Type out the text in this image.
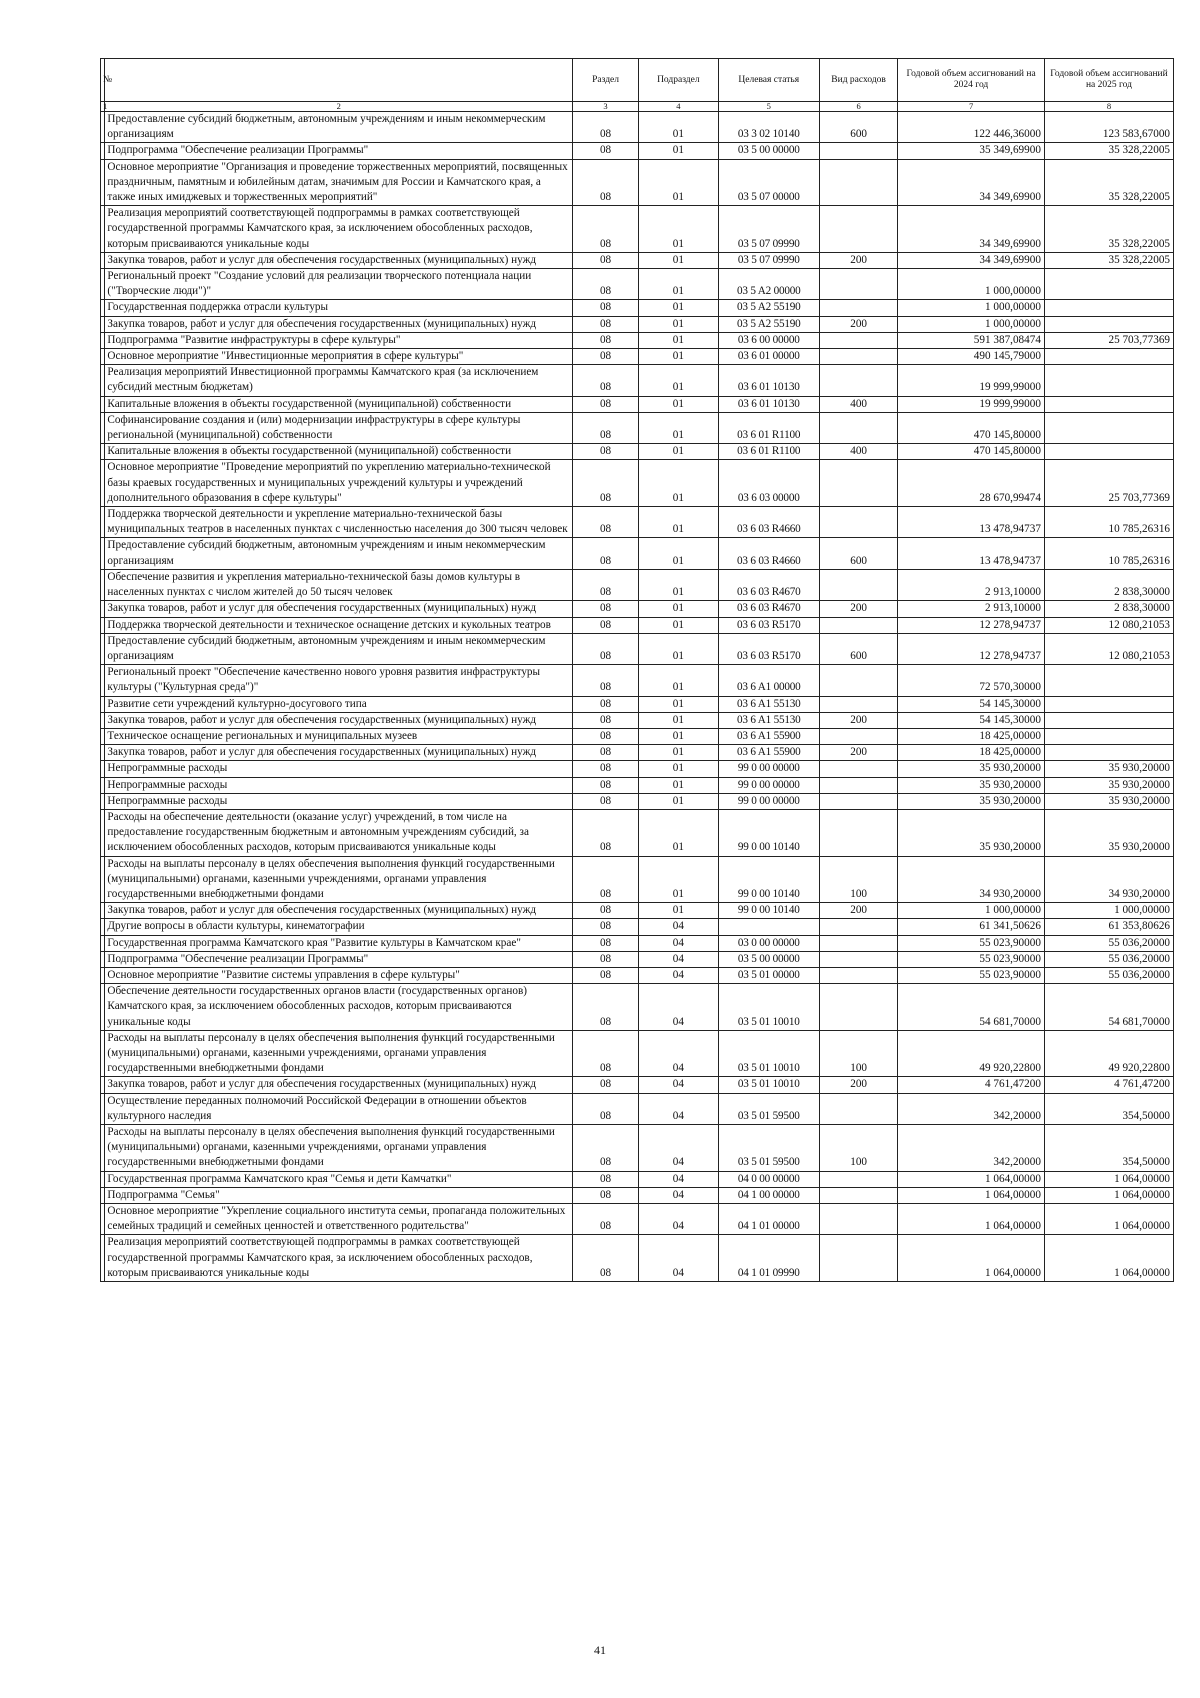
№		Раздел	Подраздел	Целевая статья	Вид расходов	Годовой объем ассигнований на 2024 год	Годовой объем ассигнований на 2025 год
1	2	3	4	5	6	7	8
	Предоставление субсидий бюджетным, автономным учреждениям и иным некоммерческим организациям	08	01	03 3 02 10140	600	122 446,36000	123 583,67000
	Подпрограмма "Обеспечение реализации Программы"	08	01	03 5 00 00000		35 349,69900	35 328,22005
	Основное мероприятие "Организация и проведение торжественных мероприятий, посвященных праздничным, памятным и юбилейным датам, значимым для России и Камчатского края, а также иных имиджевых и торжественных мероприятий"	08	01	03 5 07 00000		34 349,69900	35 328,22005
	Реализация мероприятий соответствующей подпрограммы в рамках соответствующей государственной программы Камчатского края, за исключением обособленных расходов, которым присваиваются уникальные коды	08	01	03 5 07 09990		34 349,69900	35 328,22005
	Закупка товаров, работ и услуг для обеспечения государственных (муниципальных) нужд	08	01	03 5 07 09990	200	34 349,69900	35 328,22005
	Региональный проект "Создание условий для реализации творческого потенциала нации ("Творческие люди")"	08	01	03 5 A2 00000		1 000,00000	
	Государственная поддержка отрасли культуры	08	01	03 5 A2 55190		1 000,00000	
	Закупка товаров, работ и услуг для обеспечения государственных (муниципальных) нужд	08	01	03 5 A2 55190	200	1 000,00000	
	Подпрограмма "Развитие инфраструктуры в сфере культуры"	08	01	03 6 00 00000		591 387,08474	25 703,77369
	Основное мероприятие "Инвестиционные мероприятия в сфере культуры"	08	01	03 6 01 00000		490 145,79000	
	Реализация мероприятий Инвестиционной программы Камчатского края (за исключением субсидий местным бюджетам)	08	01	03 6 01 10130		19 999,99000	
	Капитальные вложения в объекты государственной (муниципальной) собственности	08	01	03 6 01 10130	400	19 999,99000	
	Софинансирование создания и (или) модернизации инфраструктуры в сфере культуры региональной (муниципальной) собственности	08	01	03 6 01 R1100		470 145,80000	
	Капитальные вложения в объекты государственной (муниципальной) собственности	08	01	03 6 01 R1100	400	470 145,80000	
	Основное мероприятие "Проведение мероприятий по укреплению материально-технической базы краевых государственных и муниципальных учреждений культуры и учреждений дополнительного образования в сфере культуры"	08	01	03 6 03 00000		28 670,99474	25 703,77369
	Поддержка творческой деятельности и укрепление материально-технической базы муниципальных театров в населенных пунктах с численностью населения до 300 тысяч человек	08	01	03 6 03 R4660		13 478,94737	10 785,26316
	Предоставление субсидий бюджетным, автономным учреждениям и иным некоммерческим организациям	08	01	03 6 03 R4660	600	13 478,94737	10 785,26316
	Обеспечение развития и укрепления материально-технической базы домов культуры в населенных пунктах с числом жителей до 50 тысяч человек	08	01	03 6 03 R4670		2 913,10000	2 838,30000
	Закупка товаров, работ и услуг для обеспечения государственных (муниципальных) нужд	08	01	03 6 03 R4670	200	2 913,10000	2 838,30000
	Поддержка творческой деятельности и техническое оснащение детских и кукольных театров	08	01	03 6 03 R5170		12 278,94737	12 080,21053
	Предоставление субсидий бюджетным, автономным учреждениям и иным некоммерческим организациям	08	01	03 6 03 R5170	600	12 278,94737	12 080,21053
	Региональный проект "Обеспечение качественно нового уровня развития инфраструктуры культуры ("Культурная среда")"	08	01	03 6 A1 00000		72 570,30000	
	Развитие сети учреждений культурно-досугового типа	08	01	03 6 A1 55130		54 145,30000	
	Закупка товаров, работ и услуг для обеспечения государственных (муниципальных) нужд	08	01	03 6 A1 55130	200	54 145,30000	
	Техническое оснащение региональных и муниципальных музеев	08	01	03 6 A1 55900		18 425,00000	
	Закупка товаров, работ и услуг для обеспечения государственных (муниципальных) нужд	08	01	03 6 A1 55900	200	18 425,00000	
	Непрограммные расходы	08	01	99 0 00 00000		35 930,20000	35 930,20000
	Непрограммные расходы	08	01	99 0 00 00000		35 930,20000	35 930,20000
	Непрограммные расходы	08	01	99 0 00 00000		35 930,20000	35 930,20000
	Расходы на обеспечение деятельности (оказание услуг) учреждений, в том числе на предоставление государственным бюджетным и автономным учреждениям субсидий, за исключением обособленных расходов, которым присваиваются уникальные коды	08	01	99 0 00 10140		35 930,20000	35 930,20000
	Расходы на выплаты персоналу в целях обеспечения выполнения функций государственными (муниципальными) органами, казенными учреждениями, органами управления государственными внебюджетными фондами	08	01	99 0 00 10140	100	34 930,20000	34 930,20000
	Закупка товаров, работ и услуг для обеспечения государственных (муниципальных) нужд	08	01	99 0 00 10140	200	1 000,00000	1 000,00000
	Другие вопросы в области культуры, кинематографии	08	04			61 341,50626	61 353,80626
	Государственная программа Камчатского края "Развитие культуры в Камчатском крае"	08	04	03 0 00 00000		55 023,90000	55 036,20000
	Подпрограмма "Обеспечение реализации Программы"	08	04	03 5 00 00000		55 023,90000	55 036,20000
	Основное мероприятие "Развитие системы управления в сфере культуры"	08	04	03 5 01 00000		55 023,90000	55 036,20000
	Обеспечение деятельности государственных органов власти (государственных органов) Камчатского края, за исключением обособленных расходов, которым присваиваются уникальные коды	08	04	03 5 01 10010		54 681,70000	54 681,70000
	Расходы на выплаты персоналу в целях обеспечения выполнения функций государственными (муниципальными) органами, казенными учреждениями, органами управления государственными внебюджетными фондами	08	04	03 5 01 10010	100	49 920,22800	49 920,22800
	Закупка товаров, работ и услуг для обеспечения государственных (муниципальных) нужд	08	04	03 5 01 10010	200	4 761,47200	4 761,47200
	Осуществление переданных полномочий Российской Федерации в отношении объектов культурного наследия	08	04	03 5 01 59500		342,20000	354,50000
	Расходы на выплаты персоналу в целях обеспечения выполнения функций государственными (муниципальными) органами, казенными учреждениями, органами управления государственными внебюджетными фондами	08	04	03 5 01 59500	100	342,20000	354,50000
	Государственная программа Камчатского края "Семья и дети Камчатки"	08	04	04 0 00 00000		1 064,00000	1 064,00000
	Подпрограмма "Семья"	08	04	04 1 00 00000		1 064,00000	1 064,00000
	Основное мероприятие "Укрепление социального института семьи, пропаганда положительных семейных традиций и семейных ценностей и ответственного родительства"	08	04	04 1 01 00000		1 064,00000	1 064,00000
	Реализация мероприятий соответствующей подпрограммы в рамках соответствующей государственной программы Камчатского края, за исключением обособленных расходов, которым присваиваются уникальные коды	08	04	04 1 01 09990		1 064,00000	1 064,00000
41
